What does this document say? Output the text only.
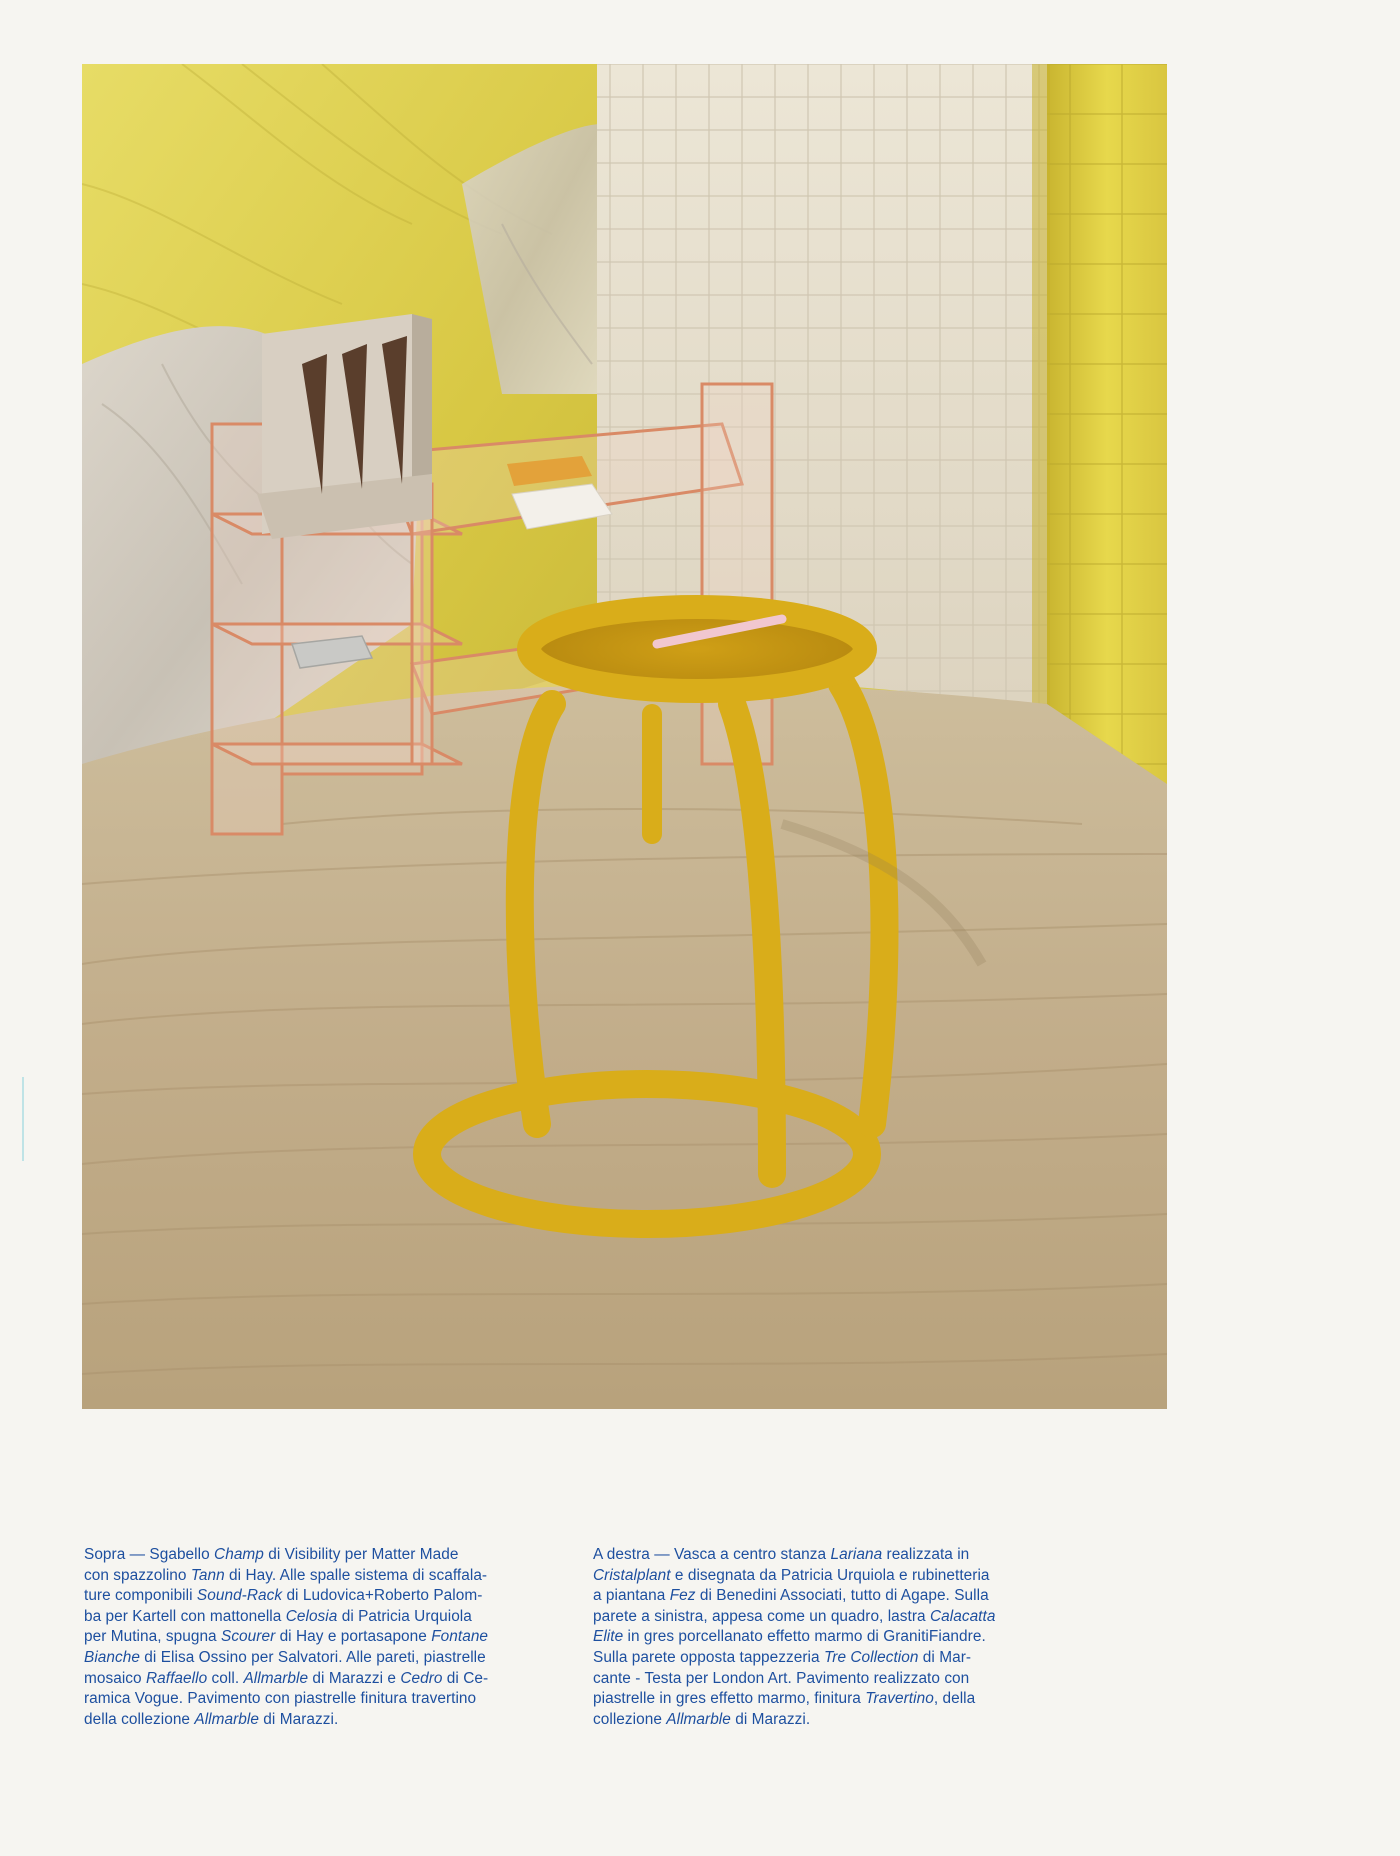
Sopra — Sgabello Champ di Visibility per Matter Made
con spazzolino Tann di Hay. Alle spalle sistema di scaffala-
ture componibili Sound-Rack di Ludovica+Roberto Palom-
ba per Kartell con mattonella Celosia di Patricia Urquiola
per Mutina, spugna Scourer di Hay e portasapone Fontane
Bianche di Elisa Ossino per Salvatori. Alle pareti, piastrelle
mosaico Raffaello coll. Allmarble di Marazzi e Cedro di Ce-
ramica Vogue. Pavimento con piastrelle finitura travertino
della collezione Allmarble di Marazzi.

A destra — Vasca a centro stanza Lariana realizzata in
Cristalplant e disegnata da Patricia Urquiola e rubinetteria
a piantana Fez di Benedini Associati, tutto di Agape. Sulla
parete a sinistra, appesa come un quadro, lastra Calacatta
Elite in gres porcellanato effetto marmo di GranitiFiandre.
Sulla parete opposta tappezzeria Tre Collection di Mar-
cante - Testa per London Art. Pavimento realizzato con
piastrelle in gres effetto marmo, finitura Travertino, della
collezione Allmarble di Marazzi.
